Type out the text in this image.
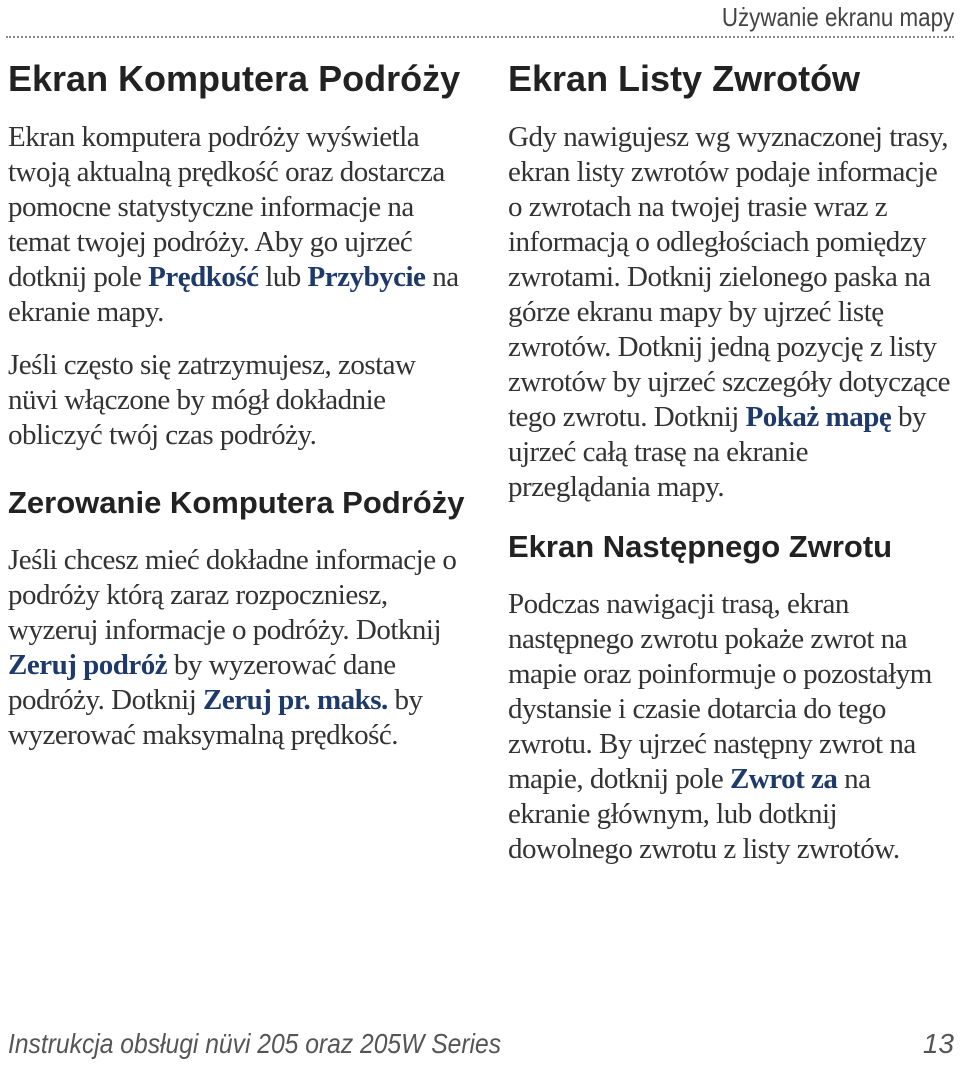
Używanie ekranu mapy
Ekran Komputera Podróży

Ekran komputera podróży wyświetla twoją aktualną prędkość oraz dostarcza pomocne statystyczne informacje na temat twojej podróży. Aby go ujrzeć dotknij pole Prędkość lub Przybycie na ekranie mapy.

Jeśli często się zatrzymujesz, zostaw nüvi włączone by mógł dokładnie obliczyć twój czas podróży.

Zerowanie Komputera Podróży

Jeśli chcesz mieć dokładne informacje o podróży którą zaraz rozpoczniesz, wyzeruj informacje o podróży. Dotknij Zeruj podróż by wyzerować dane podróży. Dotknij Zeruj pr. maks. by wyzerować maksymalną prędkość.

Ekran Listy Zwrotów

Gdy nawigujesz wg wyznaczonej trasy, ekran listy zwrotów podaje informacje o zwrotach na twojej trasie wraz z informacją o odległościach pomiędzy zwrotami. Dotknij zielonego paska na górze ekranu mapy by ujrzeć listę zwrotów. Dotknij jedną pozycję z listy zwrotów by ujrzeć szczegóły dotyczące tego zwrotu. Dotknij Pokaż mapę by ujrzeć całą trasę na ekranie przeglądania mapy.

Ekran Następnego Zwrotu

Podczas nawigacji trasą, ekran następnego zwrotu pokaże zwrot na mapie oraz poinformuje o pozostałym dystansie i czasie dotarcia do tego zwrotu. By ujrzeć następny zwrot na mapie, dotknij pole Zwrot za na ekranie głównym, lub dotknij dowolnego zwrotu z listy zwrotów.

Instrukcja obsługi nüvi 205 oraz 205W Series	13
